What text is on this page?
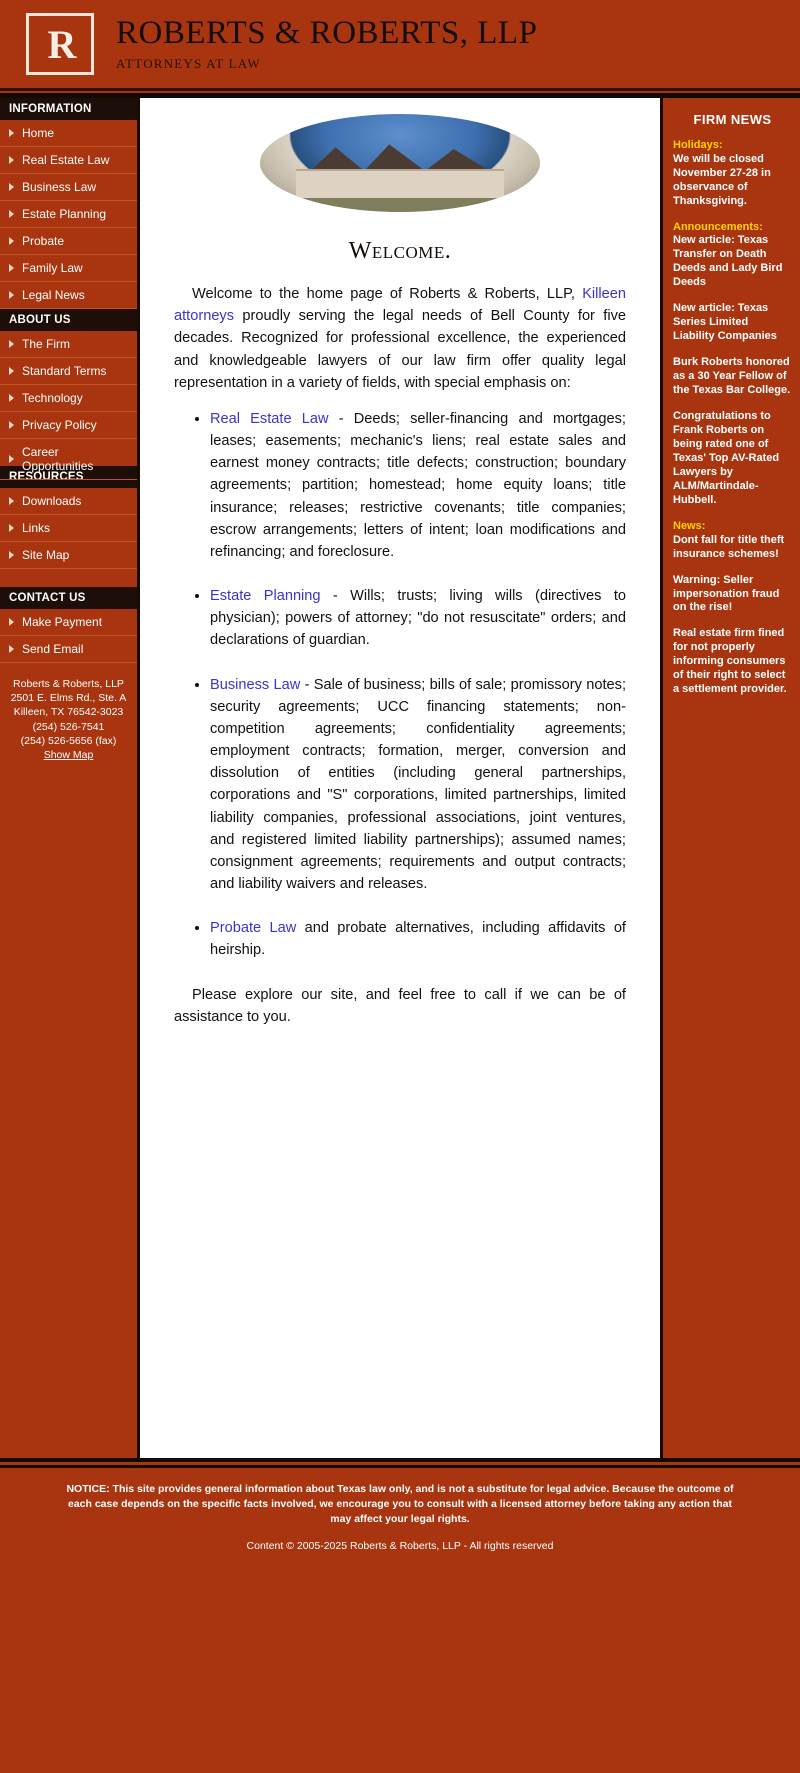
R ROBERTS & ROBERTS, LLP
ATTORNEYS AT LAW
INFORMATION
Home
Real Estate Law
Business Law
Estate Planning
Probate
Family Law
Legal News
ABOUT US
The Firm
Standard Terms
Technology
Privacy Policy
Career Opportunities
RESOURCES
Downloads
Links
Site Map
CONTACT US
Make Payment
Send Email
Roberts & Roberts, LLP
2501 E. Elms Rd., Ste. A
Killeen, TX 76542-3023
(254) 526-7541
(254) 526-5656 (fax)
Show Map
Welcome.

Welcome to the home page of Roberts & Roberts, LLP, Killeen attorneys proudly serving the legal needs of Bell County for five decades. Recognized for professional excellence, the experienced and knowledgeable lawyers of our law firm offer quality legal representation in a variety of fields, with special emphasis on:

• Real Estate Law - Deeds; seller-financing and mortgages; leases; easements; mechanic's liens; real estate sales and earnest money contracts; title defects; construction; boundary agreements; partition; homestead; home equity loans; title insurance; releases; restrictive covenants; title companies; escrow arrangements; letters of intent; loan modifications and refinancing; and foreclosure.
• Estate Planning - Wills; trusts; living wills (directives to physician); powers of attorney; "do not resuscitate" orders; and declarations of guardian.
• Business Law - Sale of business; bills of sale; promissory notes; security agreements; UCC financing statements; non-competition agreements; confidentiality agreements; employment contracts; formation, merger, conversion and dissolution of entities (including general partnerships, corporations and "S" corporations, limited partnerships, limited liability companies, professional associations, joint ventures, and registered limited liability partnerships); assumed names; consignment agreements; requirements and output contracts; and liability waivers and releases.
• Probate Law and probate alternatives, including affidavits of heirship.

Please explore our site, and feel free to call if we can be of assistance to you.

FIRM NEWS
Holidays:
We will be closed November 27-28 in observance of Thanksgiving.
Announcements:
New article: Texas Transfer on Death Deeds and Lady Bird Deeds
New article: Texas Series Limited Liability Companies
Burk Roberts honored as a 30 Year Fellow of the Texas Bar College.
Congratulations to Frank Roberts on being rated one of Texas' Top AV-Rated Lawyers by ALM/Martindale-Hubbell.
News:
Dont fall for title theft insurance schemes!
Warning: Seller impersonation fraud on the rise!
Real estate firm fined for not properly informing consumers of their right to select a settlement provider.
NOTICE: This site provides general information about Texas law only, and is not a substitute for legal advice. Because the outcome of each case depends on the specific facts involved, we encourage you to consult with a licensed attorney before taking any action that may affect your legal rights.
Content © 2005-2025 Roberts & Roberts, LLP - All rights reserved
